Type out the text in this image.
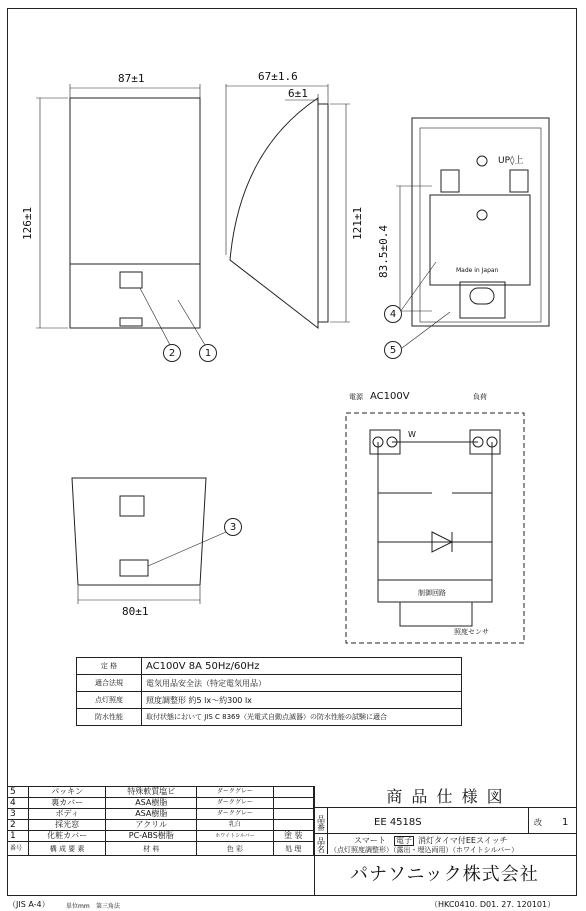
87±1	67±1.6
6±1
126±1	121±1
83.5±0.4
80±1
UP◊上
Made in Japan
1
2
3
4
5
電源 AC100V	負荷
W
制御回路
照度センサ
定 格	AC100V 8A 50Hz/60Hz
適合法規	電気用品安全法（特定電気用品）
点灯照度	照度調整形 約5 lx～約300 lx
防水性能	取付状態において JIS C 8369（光電式自動点滅器）の防水性能の試験に適合
5	パッキン	特殊軟質塩ビ	ダークグレー	
4	裏カバー	ASA樹脂	ダークグレー	
3	ボディ	ASA樹脂	ダークグレー	
2	採光窓	アクリル	乳白	
1	化粧カバー	PC-ABS樹脂	ホワイトシルバー	塗 装
番号	構 成 要 素	材 料	色 彩	処 理
商 品 仕 様 図
品番	EE 4518S	改 1
品名
スマート 電子 消灯タイマ付EEスイッチ
（点灯照度調整形）（露出・埋込両用）（ホワイトシルバー）
パナソニック株式会社
（JIS A-4）	単位mm 第三角法	（HKC0410. D01. 27. 120101）
